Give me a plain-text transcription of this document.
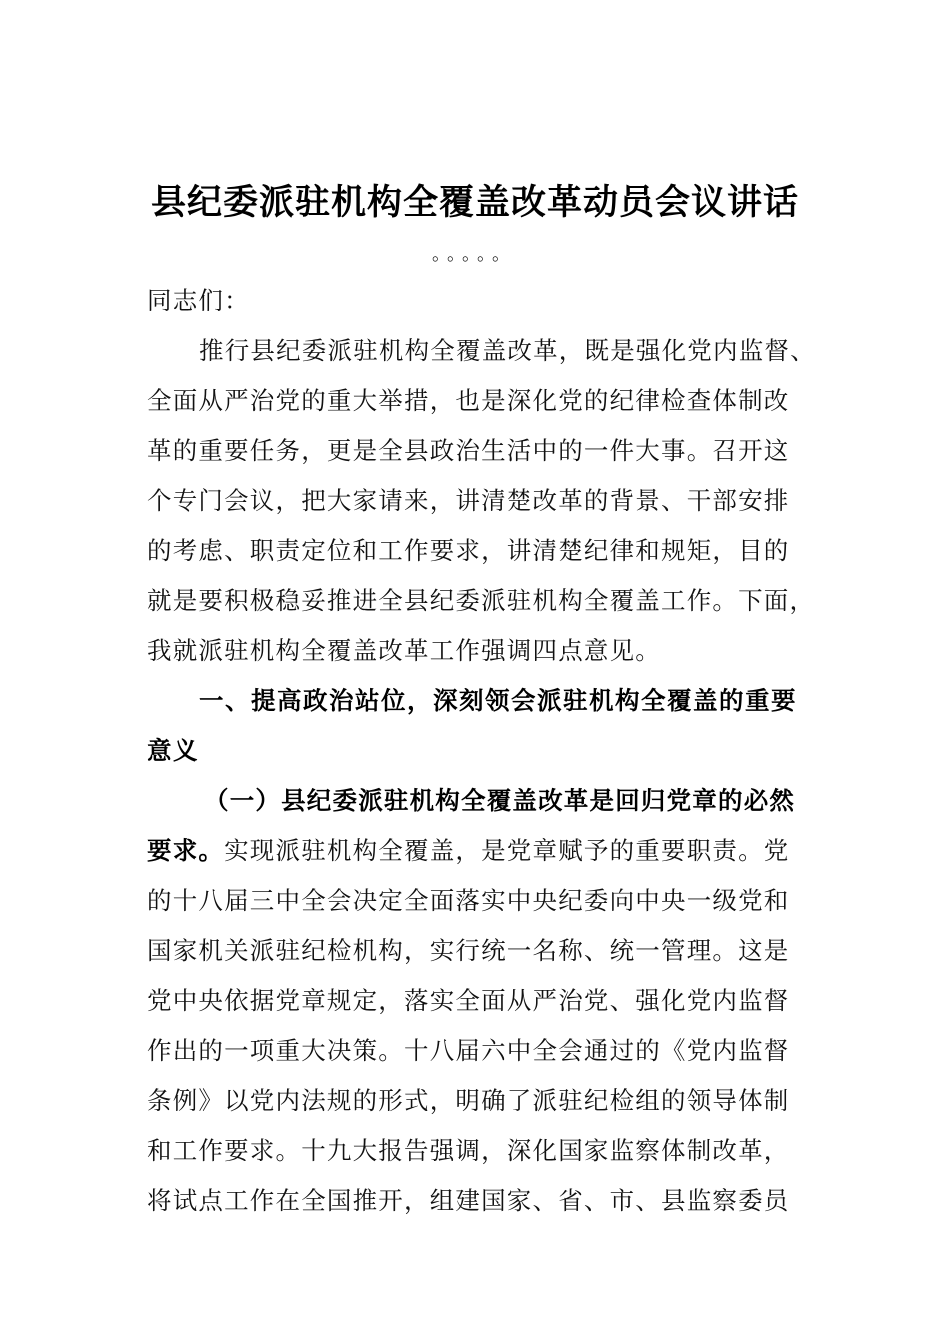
县纪委派驻机构全覆盖改革动员会议讲话
。。。。。
同志们：
推行县纪委派驻机构全覆盖改革，既是强化党内监督、
全面从严治党的重大举措，也是深化党的纪律检查体制改
革的重要任务，更是全县政治生活中的一件大事。召开这
个专门会议，把大家请来，讲清楚改革的背景、干部安排
的考虑、职责定位和工作要求，讲清楚纪律和规矩，目的
就是要积极稳妥推进全县纪委派驻机构全覆盖工作。下面，
我就派驻机构全覆盖改革工作强调四点意见。
一、提高政治站位，深刻领会派驻机构全覆盖的重要
意义
（一）县纪委派驻机构全覆盖改革是回归党章的必然
要求。实现派驻机构全覆盖，是党章赋予的重要职责。党
的十八届三中全会决定全面落实中央纪委向中央一级党和
国家机关派驻纪检机构，实行统一名称、统一管理。这是
党中央依据党章规定，落实全面从严治党、强化党内监督
作出的一项重大决策。十八届六中全会通过的《党内监督
条例》以党内法规的形式，明确了派驻纪检组的领导体制
和工作要求。十九大报告强调，深化国家监察体制改革，
将试点工作在全国推开，组建国家、省、市、县监察委员
